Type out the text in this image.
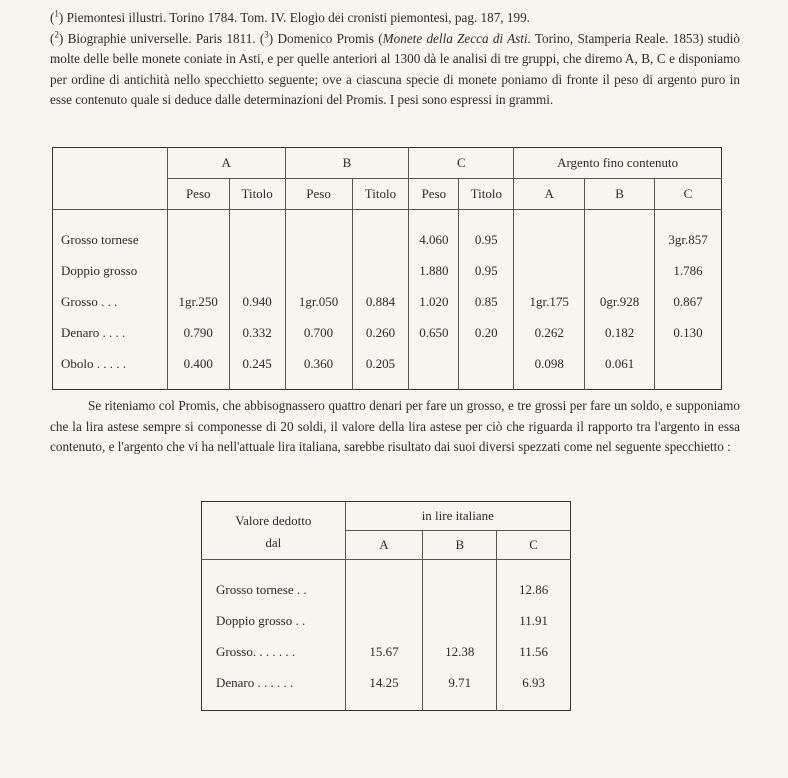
($^1$) Piemontesi illustri. Torino 1784. Tom. IV. Elogio dei cronisti piemontesi, pag. 187, 199.

($^2$) Biographie universelle. Paris 1811. ($^3$) Domenico Promis (Monete della Zecca di Asti. Torino, Stamperia Reale. 1853) studiò molte delle belle monete coniate in Asti, e per quelle anteriori al 1300 dà le analisi di tre gruppi, che diremo A, B, C e disponiamo per ordine di antichità nello specchietto seguente; ove a ciascuna specie di monete poniamo di fronte il peso di argento puro in esse contenuto quale si deduce dalle determinazioni del Promis. I pesi sono espressi in grammi.

	A		B		C		Argento fino contenuto		
	Peso	Titolo	Peso	Titolo	Peso	Titolo	A	B	C
Grosso tornese					4.060	0.95			3gr.857
Doppio grosso					1.880	0.95			1.786
Grosso . . .	1gr.250	0.940	1gr.050	0.884	1.020	0.85	1gr.175	0gr.928	0.867
Denaro . . . .	0.790	0.332	0.700	0.260	0.650	0.20	0.262	0.182	0.130
Obolo . . . . .	0.400	0.245	0.360	0.205			0.098	0.061	

Se riteniamo col Promis, che abbisognassero quattro denari per fare un grosso, e tre grossi per fare un soldo, e supponiamo che la lira astese sempre si componesse di 20 soldi, il valore della lira astese per ciò che riguarda il rapporto tra l'argento in essa contenuto, e l'argento che vi ha nell'attuale lira italiana, sarebbe risultato dai suoi diversi spezzati come nel seguente specchietto :

Valore dedotto
dal	in lire italiane		
	A	B	C
Grosso tornese . .			12.86
Doppio grosso . .			11.91
Grosso. . . . . . .	15.67	12.38	11.56
Denaro . . . . . .	14.25	9.71	6.93
